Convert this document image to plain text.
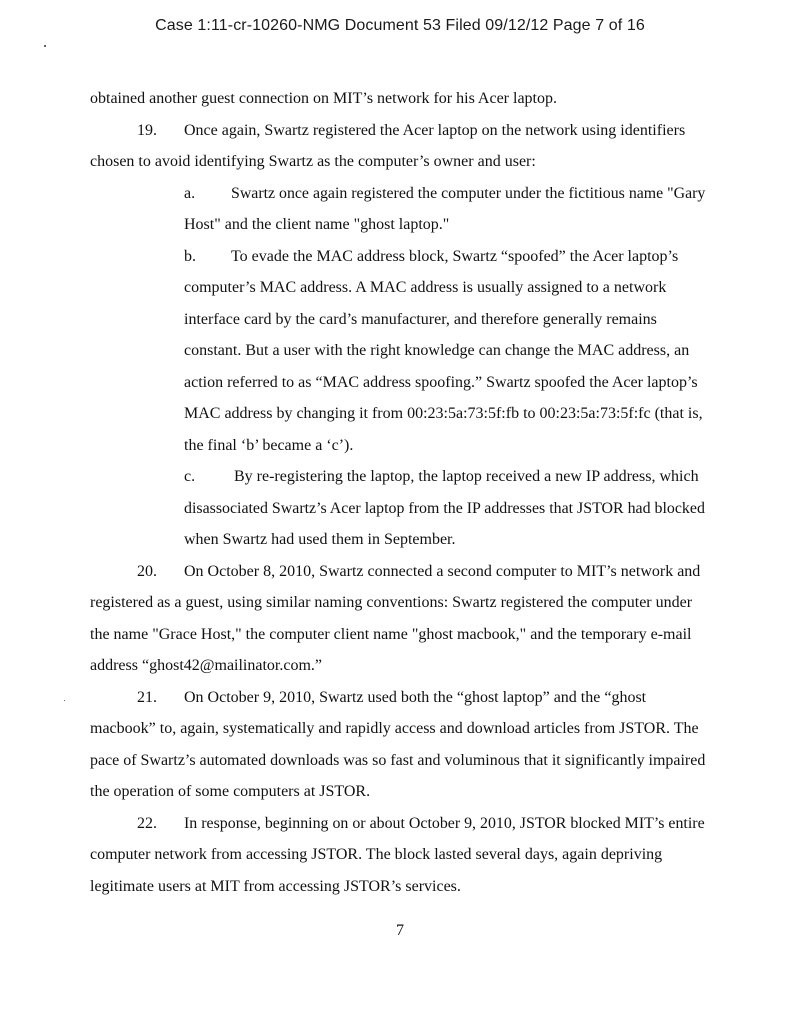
Case 1:11-cr-10260-NMG Document 53 Filed 09/12/12 Page 7 of 16
obtained another guest connection on MIT’s network for his Acer laptop.
19. Once again, Swartz registered the Acer laptop on the network using identifiers
chosen to avoid identifying Swartz as the computer’s owner and user:
a. Swartz once again registered the computer under the fictitious name "Gary
Host" and the client name "ghost laptop."
b. To evade the MAC address block, Swartz “spoofed” the Acer laptop’s
computer’s MAC address. A MAC address is usually assigned to a network
interface card by the card’s manufacturer, and therefore generally remains
constant. But a user with the right knowledge can change the MAC address, an
action referred to as “MAC address spoofing.” Swartz spoofed the Acer laptop’s
MAC address by changing it from 00:23:5a:73:5f:fb to 00:23:5a:73:5f:fc (that is,
the final ‘b’ became a ‘c’).
c. By re-registering the laptop, the laptop received a new IP address, which
disassociated Swartz’s Acer laptop from the IP addresses that JSTOR had blocked
when Swartz had used them in September.
20. On October 8, 2010, Swartz connected a second computer to MIT’s network and
registered as a guest, using similar naming conventions: Swartz registered the computer under
the name "Grace Host," the computer client name "ghost macbook," and the temporary e-mail
address “ghost42@mailinator.com.”
21. On October 9, 2010, Swartz used both the “ghost laptop” and the “ghost
macbook” to, again, systematically and rapidly access and download articles from JSTOR. The
pace of Swartz’s automated downloads was so fast and voluminous that it significantly impaired
the operation of some computers at JSTOR.
22. In response, beginning on or about October 9, 2010, JSTOR blocked MIT’s entire
computer network from accessing JSTOR. The block lasted several days, again depriving
legitimate users at MIT from accessing JSTOR’s services.
7
